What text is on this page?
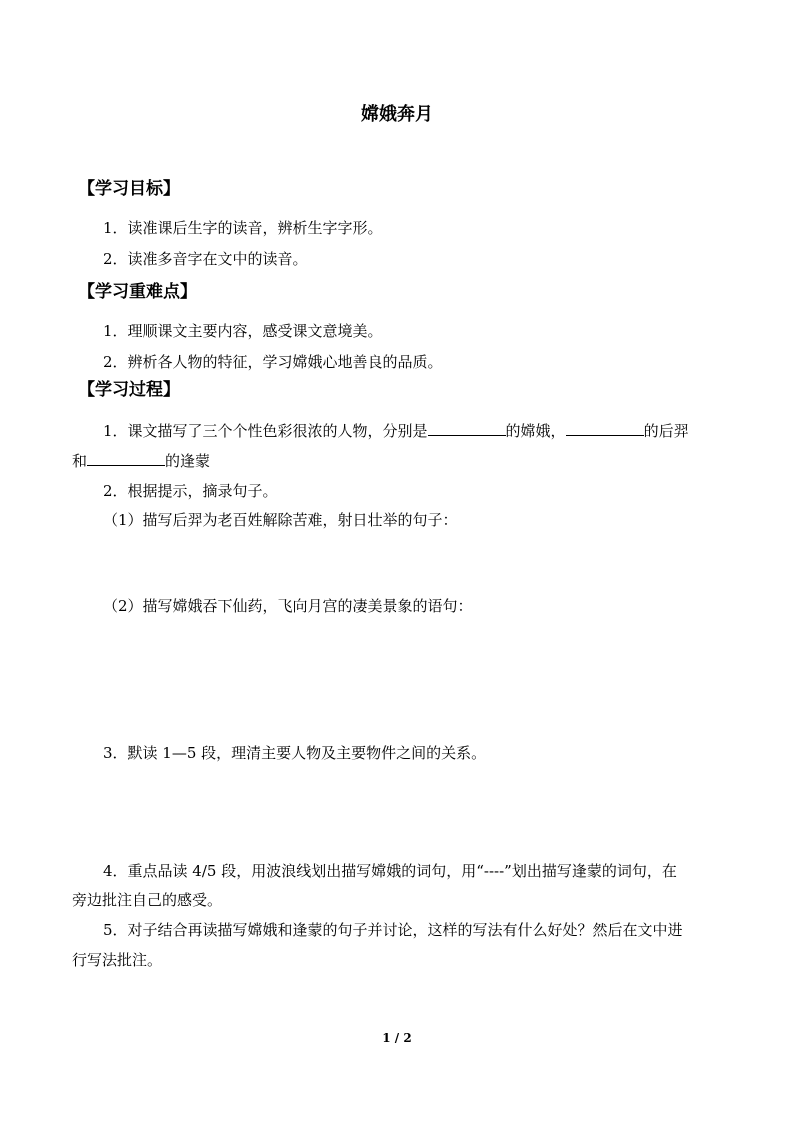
嫦娥奔月
【学习目标】
1．读准课后生字的读音，辨析生字字形。
2．读准多音字在文中的读音。
【学习重难点】
1．理顺课文主要内容，感受课文意境美。
2．辨析各人物的特征，学习嫦娥心地善良的品质。
【学习过程】
1．课文描写了三个个性色彩很浓的人物，分别是	的嫦娥，	的后羿
和	的逢蒙
2．根据提示，摘录句子。
（1）描写后羿为老百姓解除苦难，射日壮举的句子：
（2）描写嫦娥吞下仙药，飞向月宫的凄美景象的语句：
3．默读 1—5 段，理清主要人物及主要物件之间的关系。
4．重点品读 4/5 段，用波浪线划出描写嫦娥的词句，用“----”划出描写逢蒙的词句，在
旁边批注自己的感受。
5．对子结合再读描写嫦娥和逢蒙的句子并讨论，这样的写法有什么好处？然后在文中进
行写法批注。
1 / 2
